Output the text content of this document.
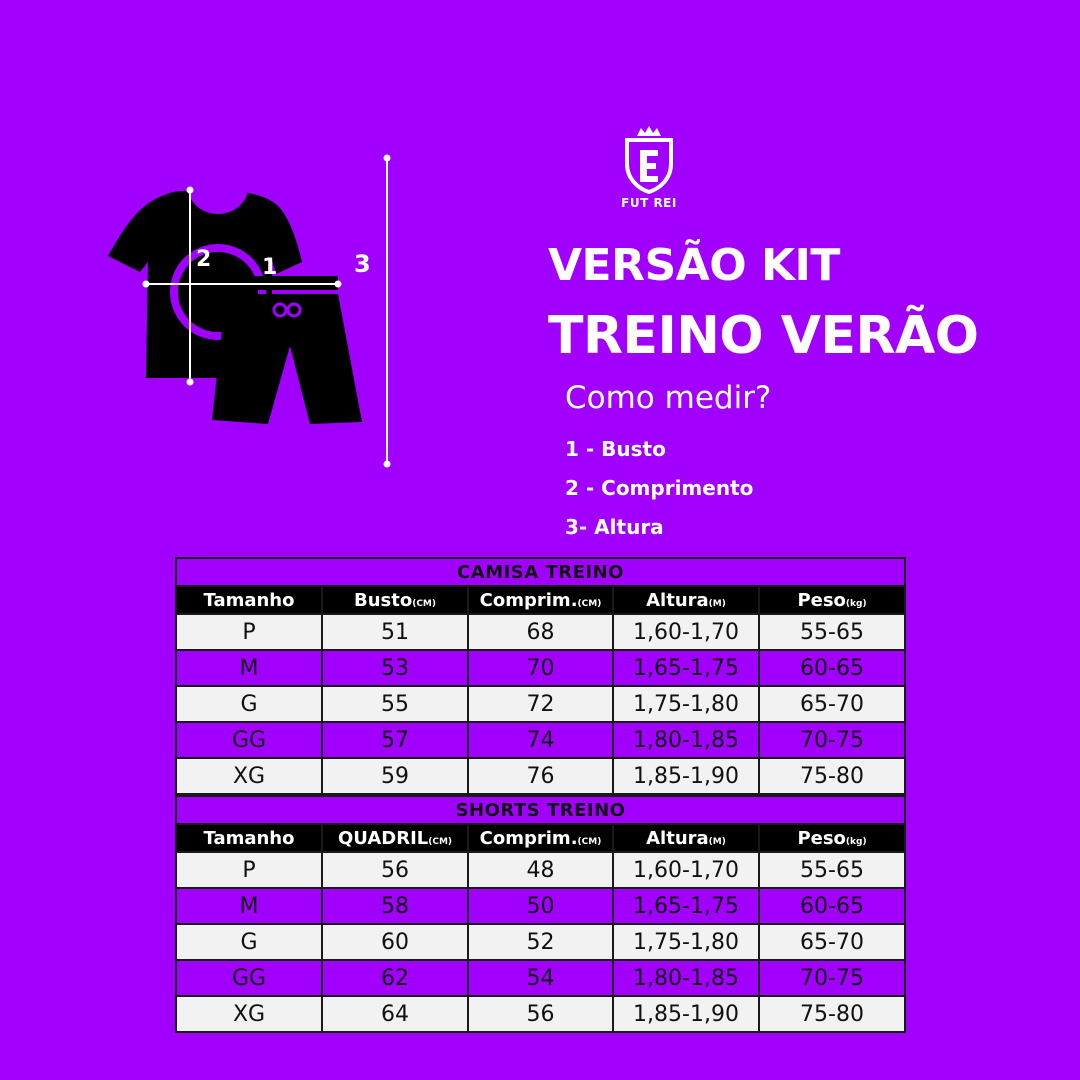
2 1	3
FUT REI
VERSÃO KIT
TREINO VERÃO
Como medir?
1 - Busto
2 - Comprimento
3- Altura
CAMISA TREINO				
Tamanho	Busto(CM)	Comprim.(CM)	Altura(M)	Peso(kg)
P	51	68	1,60-1,70	55-65
M	53	70	1,65-1,75	60-65
G	55	72	1,75-1,80	65-70
GG	57	74	1,80-1,85	70-75
XG	59	76	1,85-1,90	75-80
SHORTS TREINO				
Tamanho	QUADRIL(CM)	Comprim.(CM)	Altura(M)	Peso(kg)
P	56	48	1,60-1,70	55-65
M	58	50	1,65-1,75	60-65
G	60	52	1,75-1,80	65-70
GG	62	54	1,80-1,85	70-75
XG	64	56	1,85-1,90	75-80
